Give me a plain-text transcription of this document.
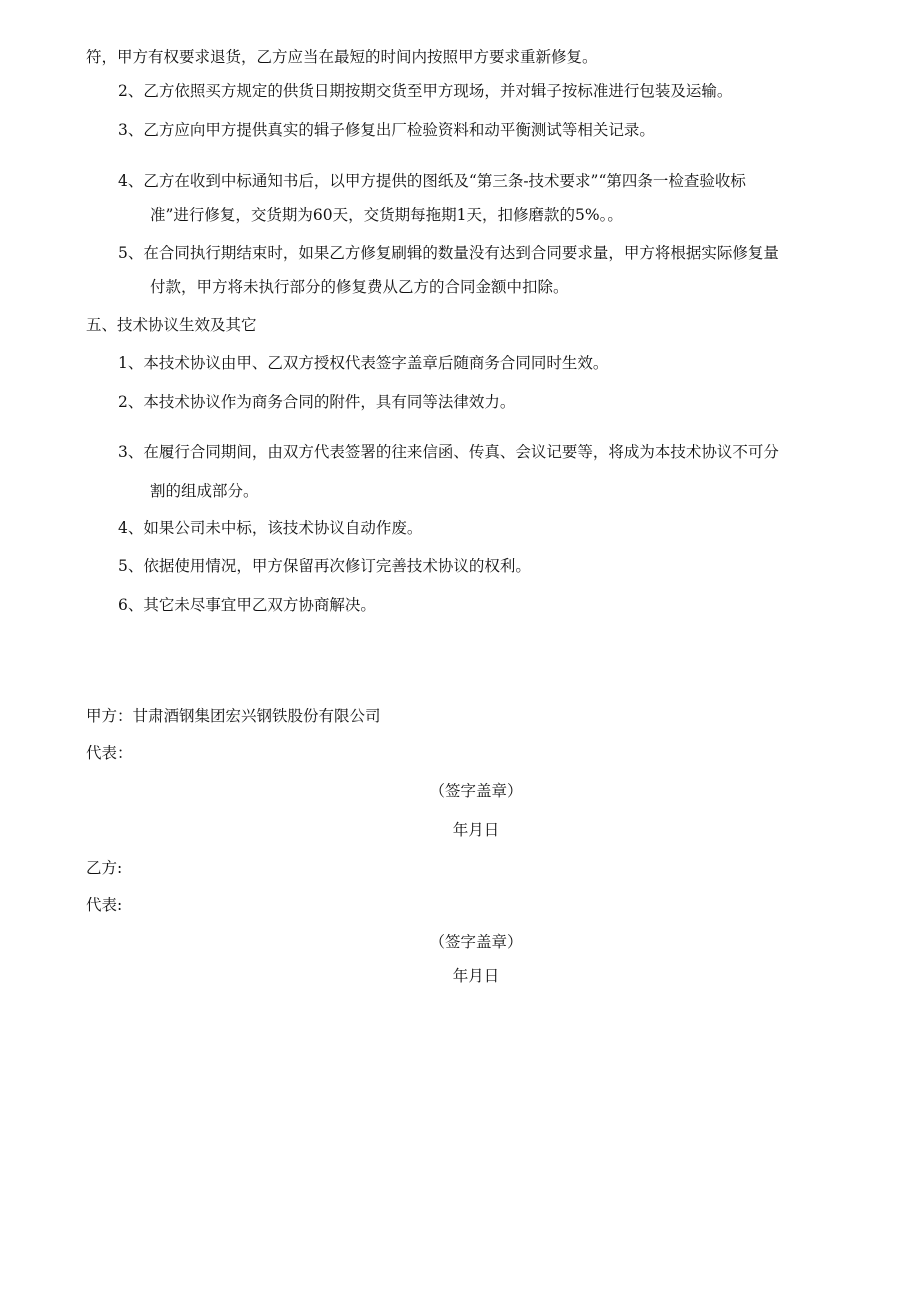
符，甲方有权要求退货，乙方应当在最短的时间内按照甲方要求重新修复。
2、乙方依照买方规定的供货日期按期交货至甲方现场，并对辑子按标准进行包装及运输。
3、乙方应向甲方提供真实的辑子修复出厂检验资料和动平衡测试等相关记录。
4、乙方在收到中标通知书后，以甲方提供的图纸及“第三条-技术要求”“第四条一检查验收标
准”进行修复，交货期为60天，交货期每拖期1天，扣修磨款的5%。。
5、在合同执行期结束时，如果乙方修复刷辑的数量没有达到合同要求量，甲方将根据实际修复量
付款，甲方将未执行部分的修复费从乙方的合同金额中扣除。
五、技术协议生效及其它
1、本技术协议由甲、乙双方授权代表签字盖章后随商务合同同时生效。
2、本技术协议作为商务合同的附件，具有同等法律效力。
3、在履行合同期间，由双方代表签署的往来信函、传真、会议记要等，将成为本技术协议不可分
割的组成部分。
4、如果公司未中标，该技术协议自动作废。
5、依据使用情况，甲方保留再次修订完善技术协议的权利。
6、其它未尽事宜甲乙双方协商解决。
甲方：甘肃酒钢集团宏兴钢铁股份有限公司
代表：
（签字盖章）
年月日
乙方:
代表:
（签字盖章）
年月日
